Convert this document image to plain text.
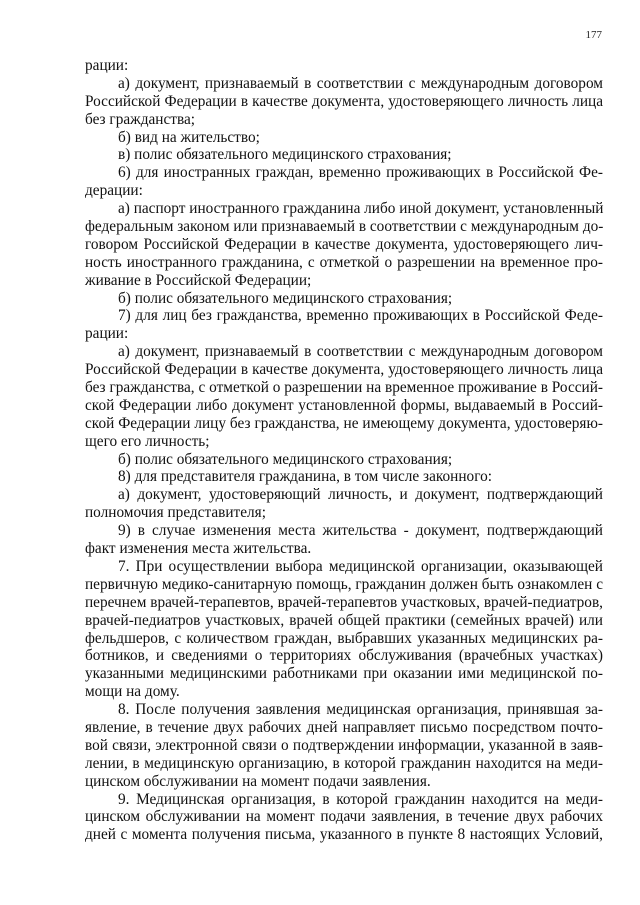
177
рации:
а) документ, признаваемый в соответствии с международным договором
Российской Федерации в качестве документа, удостоверяющего личность лица
без гражданства;
б) вид на жительство;
в) полис обязательного медицинского страхования;
6) для иностранных граждан, временно проживающих в Российской Фе-
дерации:
а) паспорт иностранного гражданина либо иной документ, установленный
федеральным законом или признаваемый в соответствии с международным до-
говором Российской Федерации в качестве документа, удостоверяющего лич-
ность иностранного гражданина, с отметкой о разрешении на временное про-
живание в Российской Федерации;
б) полис обязательного медицинского страхования;
7) для лиц без гражданства, временно проживающих в Российской Феде-
рации:
а) документ, признаваемый в соответствии с международным договором
Российской Федерации в качестве документа, удостоверяющего личность лица
без гражданства, с отметкой о разрешении на временное проживание в Россий-
ской Федерации либо документ установленной формы, выдаваемый в Россий-
ской Федерации лицу без гражданства, не имеющему документа, удостоверяю-
щего его личность;
б) полис обязательного медицинского страхования;
8) для представителя гражданина, в том числе законного:
а) документ, удостоверяющий личность, и документ, подтверждающий
полномочия представителя;
9) в случае изменения места жительства - документ, подтверждающий
факт изменения места жительства.
7. При осуществлении выбора медицинской организации, оказывающей
первичную медико-санитарную помощь, гражданин должен быть ознакомлен с
перечнем врачей-терапевтов, врачей-терапевтов участковых, врачей-педиатров,
врачей-педиатров участковых, врачей общей практики (семейных врачей) или
фельдшеров, с количеством граждан, выбравших указанных медицинских ра-
ботников, и сведениями о территориях обслуживания (врачебных участках)
указанными медицинскими работниками при оказании ими медицинской по-
мощи на дому.
8. После получения заявления медицинская организация, принявшая за-
явление, в течение двух рабочих дней направляет письмо посредством почто-
вой связи, электронной связи о подтверждении информации, указанной в заяв-
лении, в медицинскую организацию, в которой гражданин находится на меди-
цинском обслуживании на момент подачи заявления.
9. Медицинская организация, в которой гражданин находится на меди-
цинском обслуживании на момент подачи заявления, в течение двух рабочих
дней с момента получения письма, указанного в пункте 8 настоящих Условий,
